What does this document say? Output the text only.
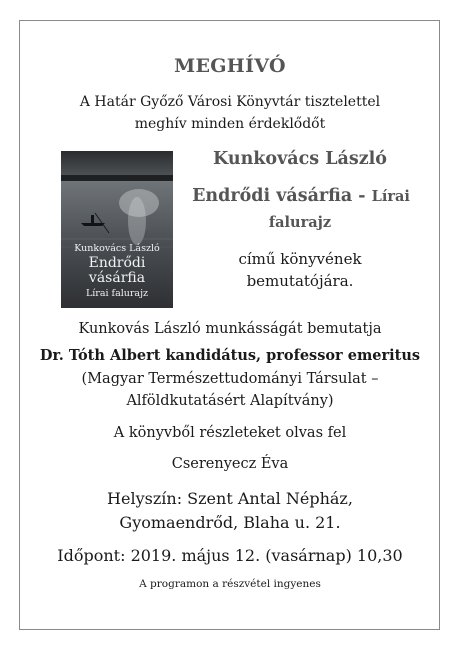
MEGHÍVÓ
A Határ Győző Városi Könyvtár tisztelettel
meghív minden érdeklődőt
Kunkovács László
Endrődi
vásárfia
Lírai falurajz
Kunkovács László
Endrődi vásárfia - Lírai
falurajz
című könyvének
bemutatójára.
Kunkovás László munkásságát bemutatja
Dr. Tóth Albert kandidátus, professor emeritus
(Magyar Természettudományi Társulat –
Alföldkutatásért Alapítvány)
A könyvből részleteket olvas fel
Cserenyecz Éva
Helyszín: Szent Antal Népház,
Gyomaendrőd, Blaha u. 21.
Időpont: 2019. május 12. (vasárnap) 10,30
A programon a részvétel ingyenes
